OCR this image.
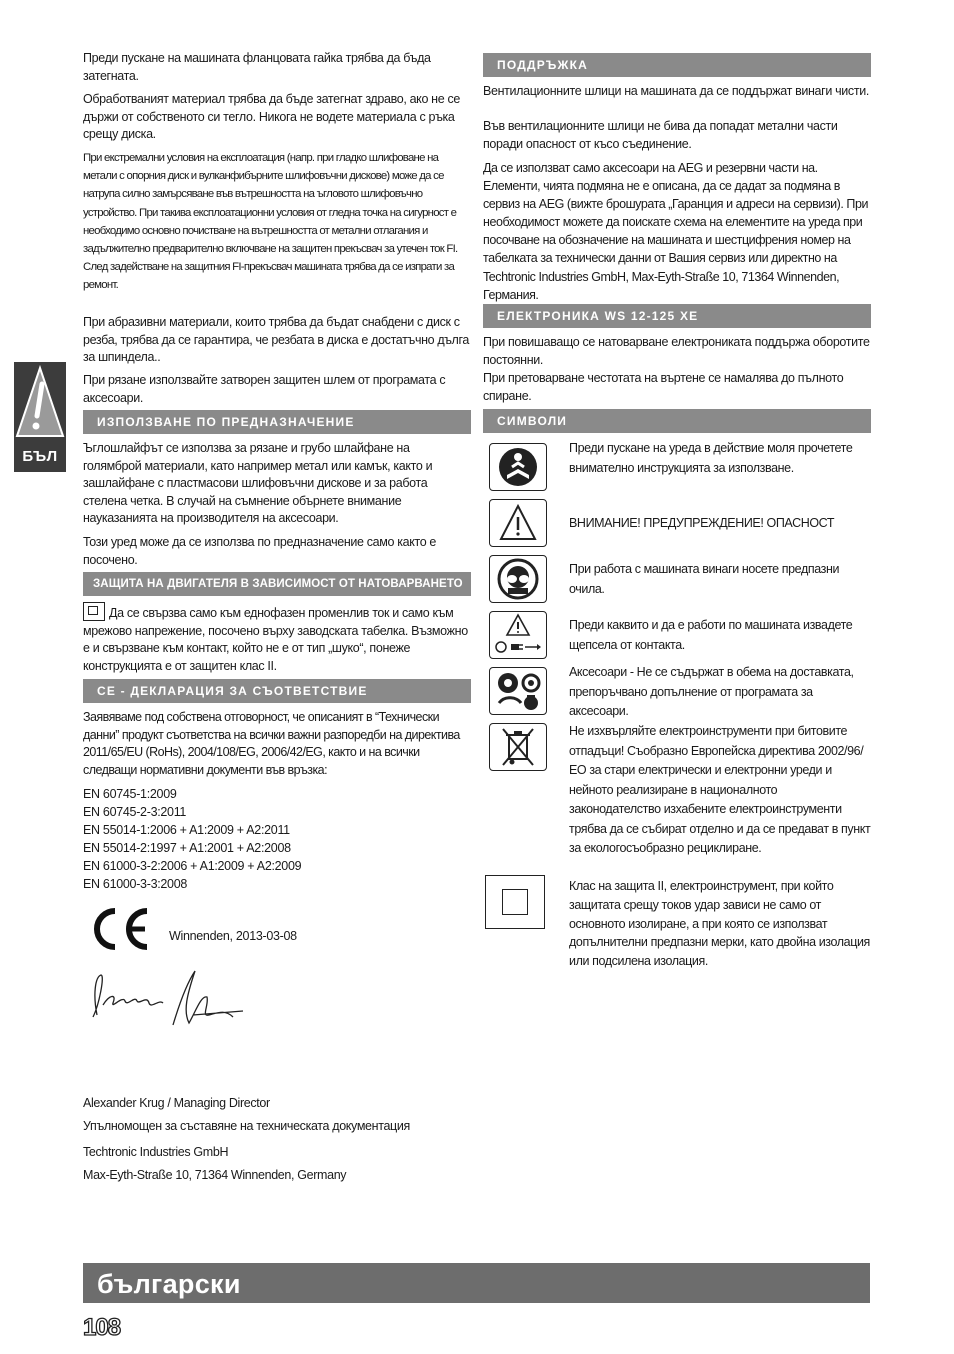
БЪЛ

Преди пускане на машината фланцовата гайка трябва да бъда затегната.

Обработваният материал трябва да бъде затегнат здраво, ако не се държи от собственото си тегло. Никога не водете материала с ръка срещу диска.

При екстремални условия на експлоатация (напр. при гладко шлифоване на метали с опорния диск и вулканфибърните шлифовъчни дискове) може да се натрупа силно замърсяване във вътрешността на ъгловото шлифовъчно устройство. При такива експлоатационни условия от гледна точка на сигурност е необходимо основно почистване на вътрешността от метални отлагания и задължително предварително включване на защитен прекъсвач за утечен ток FI. След задействане на защитния FI-прекъсвач машината трябва да се изпрати за ремонт.

При абразивни материали, които трябва да бъдат снабдени с диск с резба, трябва да се гарантира, че резбата в диска е достатъчно дълга за шпиндела..

При рязане използвайте затворен защитен шлем от програмата с аксесоари.

ИЗПОЛЗВАНЕ ПО ПРЕДНАЗНАЧЕНИЕ

Ъглошлайфът се използва за рязане и грубо шлайфане на голямброй материали, като например метал или камък, както и зашлайфане с пластмасови шлифовъчни дискове и за работа стелена четка. В случай на съмнение обърнете внимание науказанията на производителя на аксесоари.

Този уред може да се използва по предназначение само както е посочено.

ЗАЩИТА НА ДВИГАТЕЛЯ В ЗАВИСИМОСТ ОТ НАТОВАРВАНЕТО

Да се свързва само към еднофазен променлив ток и само към мрежово напрежение, посочено върху заводската табелка. Възможно е и свързване към контакт, който не е от тип „шуко“, понеже конструкцията е от защитен клас II.

CE - ДЕКЛАРАЦИЯ ЗА СЪОТВЕТСТВИЕ

Заявяваме под собствена отговорност, че описаният в “Технически данни” продукт съответства на всички важни разпоредби на директива 2011/65/EU (RoHs), 2004/108/EG, 2006/42/EG, както и на всички следващи нормативни документи във връзка:

EN 60745-1:2009
EN 60745-2-3:2011
EN 55014-1:2006 + A1:2009 + A2:2011
EN 55014-2:1997 + A1:2001 + A2:2008
EN 61000-3-2:2006 + A1:2009 + A2:2009
EN 61000-3-3:2008
Winnenden, 2013-03-08

Alexander Krug / Managing Director

Упълномощен за съставяне на техническата документация

Techtronic Industries GmbH

Max-Eyth-Straße 10, 71364 Winnenden, Germany

ПОДДРЪЖКА

Вентилационните шлици на машината да се поддържат винаги чисти.

Във вентилационните шлици не бива да попадат метални части поради опасност от късо съединение.

Да се използват само аксесоари на AEG и резервни части на. Елементи, чията подмяна не е описана, да се дадат за подмяна в сервиз на AEG (вижте брошурата „Гаранция и адреси на сервизи). При необходимост можете да поискате схема на елементите на уреда при посочване на обозначение на машината и шестцифрения номер на табелката за технически данни от Вашия сервиз или директно на Techtronic Industries GmbH, Max-Eyth-Straße 10, 71364 Winnenden, Германия.

ЕЛЕКТРОНИКА WS 12-125 XE

При повишаващо се натоварване електрониката поддържа оборотите постоянни.

При претоварване честотата на въртене се намалява до пълното спиране.

СИМВОЛИ
Преди пускане на уреда в действие моля прочетете внимателно инструкцията за използване.
ВНИМАНИЕ! ПРЕДУПРЕЖДЕНИЕ! ОПАСНОСТ
При работа с машината винаги носете предпазни очила.
Преди каквито и да е работи по машината извадете щепсела от контакта.
Аксесоари - Не се съдържат в обема на доставката, препоръчвано допълнение от програмата за аксесоари.
Не изхвърляйте електроинструменти при битовите отпадъци! Съобразно Европейска директива 2002/96/ЕО за стари електрически и електронни уреди и нейното реализиране в националното законодателство изхабените електроинструменти трябва да се събират отделно и да се предават в пункт за екологосъобразно рециклиране.
Клас на защита II, електроинструмент, при който защитата срещу токов удар зависи не само от основното изолиране, а при която се използват допълнителни предпазни мерки, като двойна изолация или подсилена изолация.
български
108
